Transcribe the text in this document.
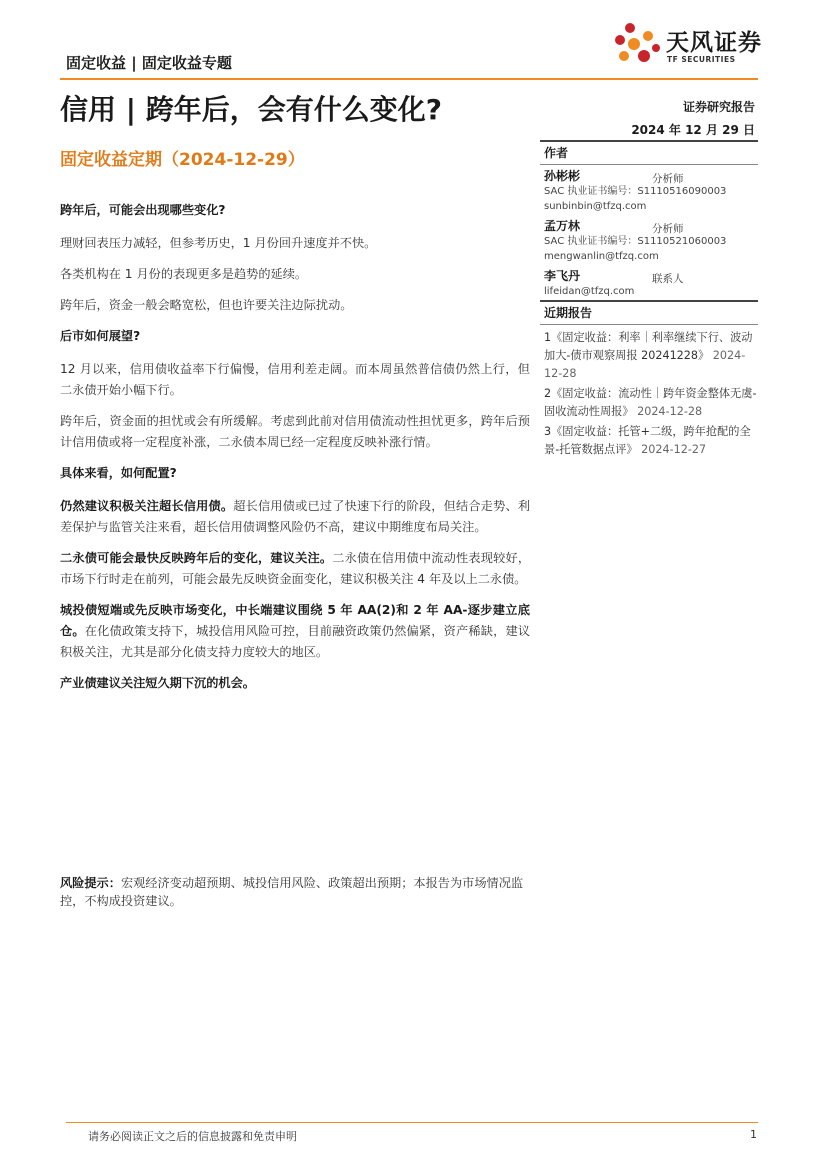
固定收益 | 固定收益专题
天风证券
TF SECURITIES
信用 | 跨年后，会有什么变化?	证券研究报告
2024 年 12 月 29 日
固定收益定期（2024-12-29）
跨年后，可能会出现哪些变化?

理财回表压力减轻，但参考历史，1 月份回升速度并不快。

各类机构在 1 月份的表现更多是趋势的延续。

跨年后，资金一般会略宽松，但也许要关注边际扰动。

后市如何展望?

12 月以来，信用债收益率下行偏慢，信用利差走阔。而本周虽然普信债仍然上行，但二永债开始小幅下行。

跨年后，资金面的担忧或会有所缓解。考虑到此前对信用债流动性担忧更多，跨年后预计信用债或将一定程度补涨，二永债本周已经一定程度反映补涨行情。

具体来看，如何配置?

仍然建议积极关注超长信用债。超长信用债或已过了快速下行的阶段，但结合走势、利差保护与监管关注来看，超长信用债调整风险仍不高，建议中期维度布局关注。

二永债可能会最快反映跨年后的变化，建议关注。二永债在信用债中流动性表现较好，市场下行时走在前列，可能会最先反映资金面变化，建议积极关注 4 年及以上二永债。

城投债短端或先反映市场变化，中长端建议围绕 5 年 AA(2)和 2 年 AA-逐步建立底仓。在化债政策支持下，城投信用风险可控，目前融资政策仍然偏紧，资产稀缺，建议积极关注，尤其是部分化债支持力度较大的地区。

产业债建议关注短久期下沉的机会。

风险提示：宏观经济变动超预期、城投信用风险、政策超出预期；本报告为市场情况监控，不构成投资建议。
作者
孙彬彬	分析师
SAC 执业证书编号：S1110516090003
sunbinbin@tfzq.com
孟万林	分析师
SAC 执业证书编号：S1110521060003
mengwanlin@tfzq.com
李飞丹	联系人
lifeidan@tfzq.com
近期报告
1《固定收益：利率｜利率继续下行、波动加大-债市观察周报 20241228》 2024-12-28
2《固定收益：流动性｜跨年资金整体无虞-固收流动性周报》 2024-12-28
3《固定收益：托管+二级，跨年抢配的全景-托管数据点评》 2024-12-27
请务必阅读正文之后的信息披露和免责申明	1
